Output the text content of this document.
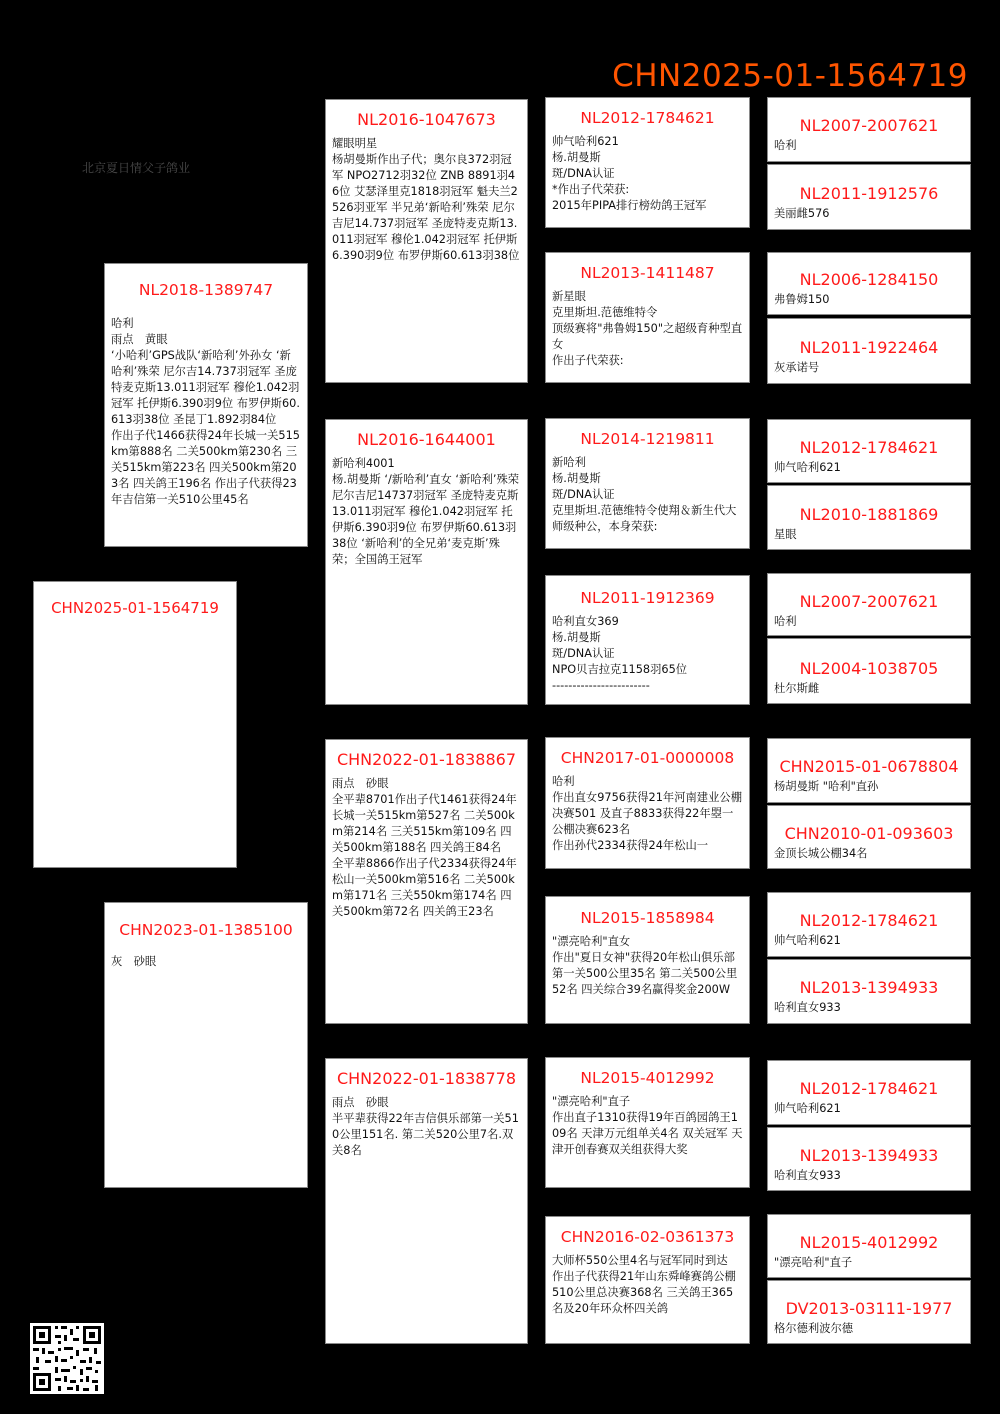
CHN2025-01-1564719
北京夏日情父子鸽业
CHN2025-01-1564719
NL2018-1389747
哈利
雨点　黄眼
‘小哈利’GPS战队‘新哈利’外孙女 ‘新哈利’殊荣 尼尔吉14.737羽冠军 圣庞特麦克斯13.011羽冠军 穆伦1.042羽冠军 托伊斯6.390羽9位 布罗伊斯60.613羽38位 圣昆丁1.892羽84位
作出子代1466获得24年长城一关515km第888名 二关500km第230名 三关515km第223名 四关500km第203名 四关鸽王196名 作出子代获得23年吉信第一关510公里45名
CHN2023-01-1385100
灰　砂眼
NL2016-1047673
耀眼明星
杨胡曼斯作出子代；奥尔良372羽冠军 NPO2712羽32位 ZNB 8891羽46位 艾瑟泽里克1818羽冠军 魁夫兰2526羽亚军 半兄弟‘新哈利’殊荣 尼尔吉尼14.737羽冠军 圣庞特麦克斯13.011羽冠军 穆伦1.042羽冠军 托伊斯6.390羽9位 布罗伊斯60.613羽38位
NL2016-1644001
新哈利4001
杨.胡曼斯 ‘/新哈利’直女 ‘新哈利’殊荣尼尔吉尼14737羽冠军 圣庞特麦克斯13.011羽冠军 穆伦1.042羽冠军 托伊斯6.390羽9位 布罗伊斯60.613羽38位 ‘新哈利’的全兄弟‘麦克斯’殊荣；全国鸽王冠军
CHN2022-01-1838867
雨点　砂眼
全平辈8701作出子代1461获得24年长城一关515km第527名 二关500km第214名 三关515km第109名 四关500km第188名 四关鸽王84名
全平辈8866作出子代2334获得24年松山一关500km第516名 二关500km第171名 三关550km第174名 四关500km第72名 四关鸽王23名
CHN2022-01-1838778
雨点　砂眼
半平辈获得22年吉信俱乐部第一关510公里151名. 第二关520公里7名.双关8名
NL2012-1784621
帅气哈利621
杨.胡曼斯
斑/DNA认证
*作出子代荣获:
2015年PIPA排行榜幼鸽王冠军
NL2013-1411487
新星眼
克里斯坦.范德维特令
顶级赛将"弗鲁姆150"之超级育种型直女
作出子代荣获:
NL2014-1219811
新哈利
杨.胡曼斯
斑/DNA认证
克里斯坦.范德维特令使翔＆新生代大师级种公，本身荣获:
NL2011-1912369
哈利直女369
杨.胡曼斯
斑/DNA认证
NPO贝吉拉克1158羽65位
------------------------
CHN2017-01-0000008
哈利
作出直女9756获得21年河南建业公棚决赛501 及直子8833获得22年曌一公棚决赛623名
作出孙代2334获得24年松山一
NL2015-1858984
"漂亮哈利"直女
作出"夏日女神"获得20年松山俱乐部第一关500公里35名 第二关500公里52名 四关综合39名赢得奖金200W
NL2015-4012992
"漂亮哈利"直子
作出直子1310获得19年百鸽园鸽王109名 天津万元组单关4名 双关冠军 天津开创春赛双关组获得大奖
CHN2016-02-0361373
大师杯550公里4名与冠军同时到达
作出子代获得21年山东舜峰赛鸽公棚510公里总决赛368名 三关鸽王365名及20年环众杯四关鸽
NL2007-2007621
哈利
NL2011-1912576
美丽雌576
NL2006-1284150
弗鲁姆150
NL2011-1922464
灰承诺号
NL2012-1784621
帅气哈利621
NL2010-1881869
星眼
NL2007-2007621
哈利
NL2004-1038705
杜尔斯雌
CHN2015-01-0678804
杨胡曼斯 "哈利"直孙
CHN2010-01-093603
金顶长城公棚34名
NL2012-1784621
帅气哈利621
NL2013-1394933
哈利直女933
NL2012-1784621
帅气哈利621
NL2013-1394933
哈利直女933
NL2015-4012992
"漂亮哈利"直子
DV2013-03111-1977
格尔德利波尔德
